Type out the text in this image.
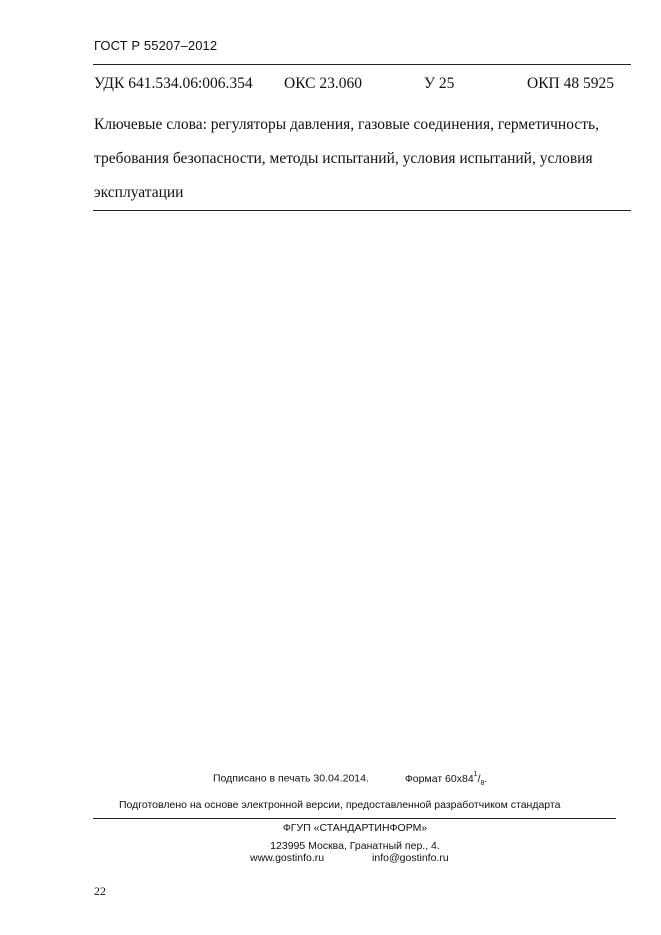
ГОСТ Р 55207–2012
УДК 641.534.06:006.354 ОКС 23.060	У 25	ОКП 48 5925
Ключевые слова: регуляторы давления, газовые соединения, герметичность,
требования безопасности, методы испытаний, условия испытаний, условия
эксплуатации
Подписано в печать 30.04.2014.	Формат $60х84^1/_8$.
Подготовлено на основе электронной версии, предоставленной разработчиком стандарта
ФГУП «СТАНДАРТИНФОРМ»
123995 Москва, Гранатный пер., 4.
www.gostinfo.ru	info@gostinfo.ru
22
